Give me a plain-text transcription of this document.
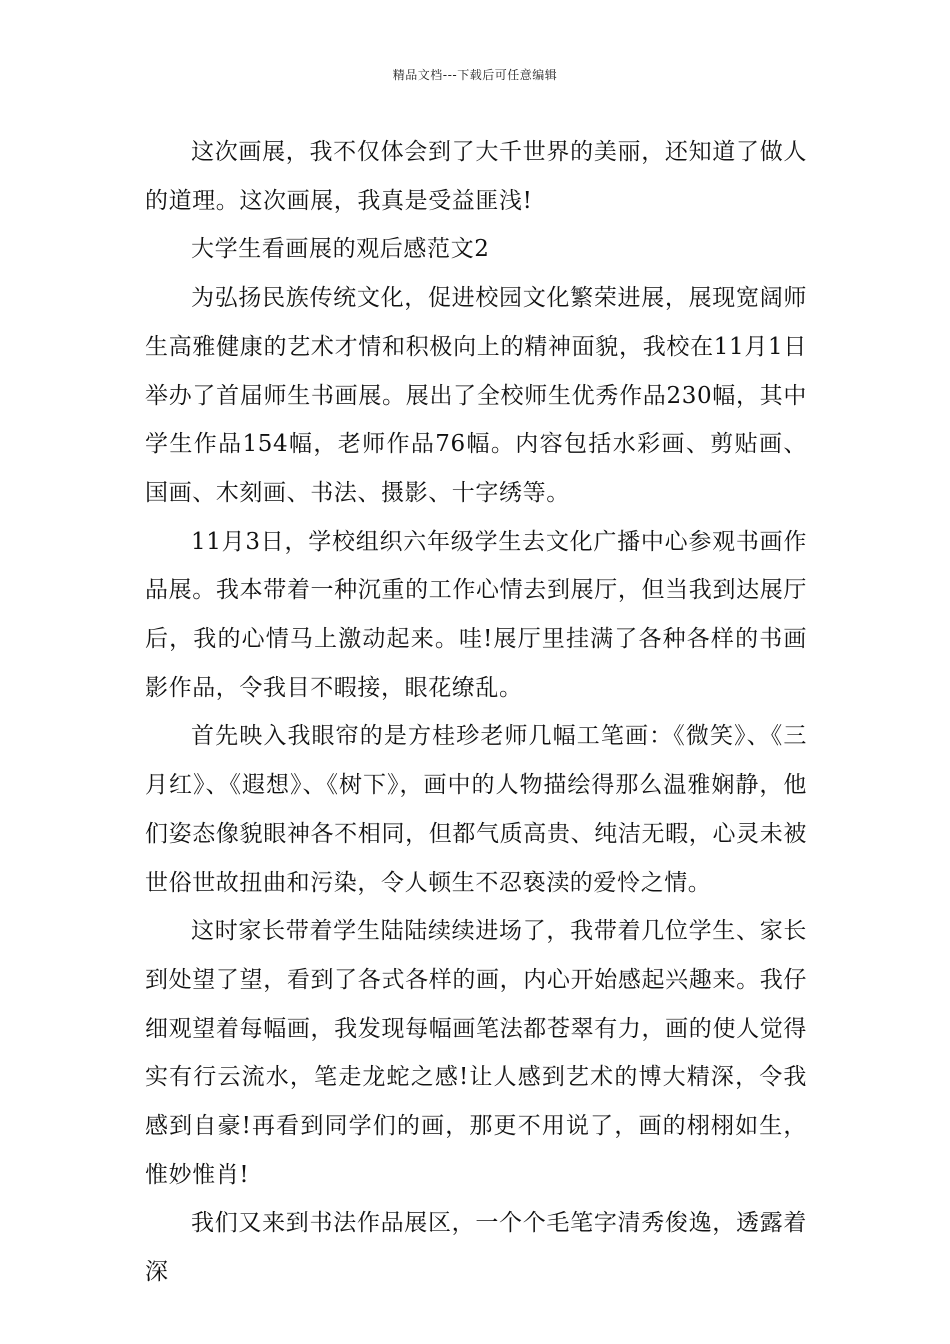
精品文档---下载后可任意编辑

这次画展，我不仅体会到了大千世界的美丽，还知道了做人的道理。这次画展，我真是受益匪浅!

大学生看画展的观后感范文2

为弘扬民族传统文化，促进校园文化繁荣进展，展现宽阔师生高雅健康的艺术才情和积极向上的精神面貌，我校在11月1日举办了首届师生书画展。展出了全校师生优秀作品230幅，其中学生作品154幅，老师作品76幅。内容包括水彩画、剪贴画、国画、木刻画、书法、摄影、十字绣等。

11月3日，学校组织六年级学生去文化广播中心参观书画作品展。我本带着一种沉重的工作心情去到展厅，但当我到达展厅后，我的心情马上激动起来。哇!展厅里挂满了各种各样的书画影作品，令我目不暇接，眼花缭乱。

首先映入我眼帘的是方桂珍老师几幅工笔画：《微笑》、《三月红》、《遐想》、《树下》，画中的人物描绘得那么温雅娴静，他们姿态像貌眼神各不相同，但都气质高贵、纯洁无暇，心灵未被世俗世故扭曲和污染，令人顿生不忍亵渎的爱怜之情。

这时家长带着学生陆陆续续进场了，我带着几位学生、家长到处望了望，看到了各式各样的画，内心开始感起兴趣来。我仔细观望着每幅画，我发现每幅画笔法都苍翠有力，画的使人觉得实有行云流水，笔走龙蛇之感!让人感到艺术的博大精深，令我感到自豪!再看到同学们的画，那更不用说了，画的栩栩如生，惟妙惟肖!

我们又来到书法作品展区，一个个毛笔字清秀俊逸，透露着深
